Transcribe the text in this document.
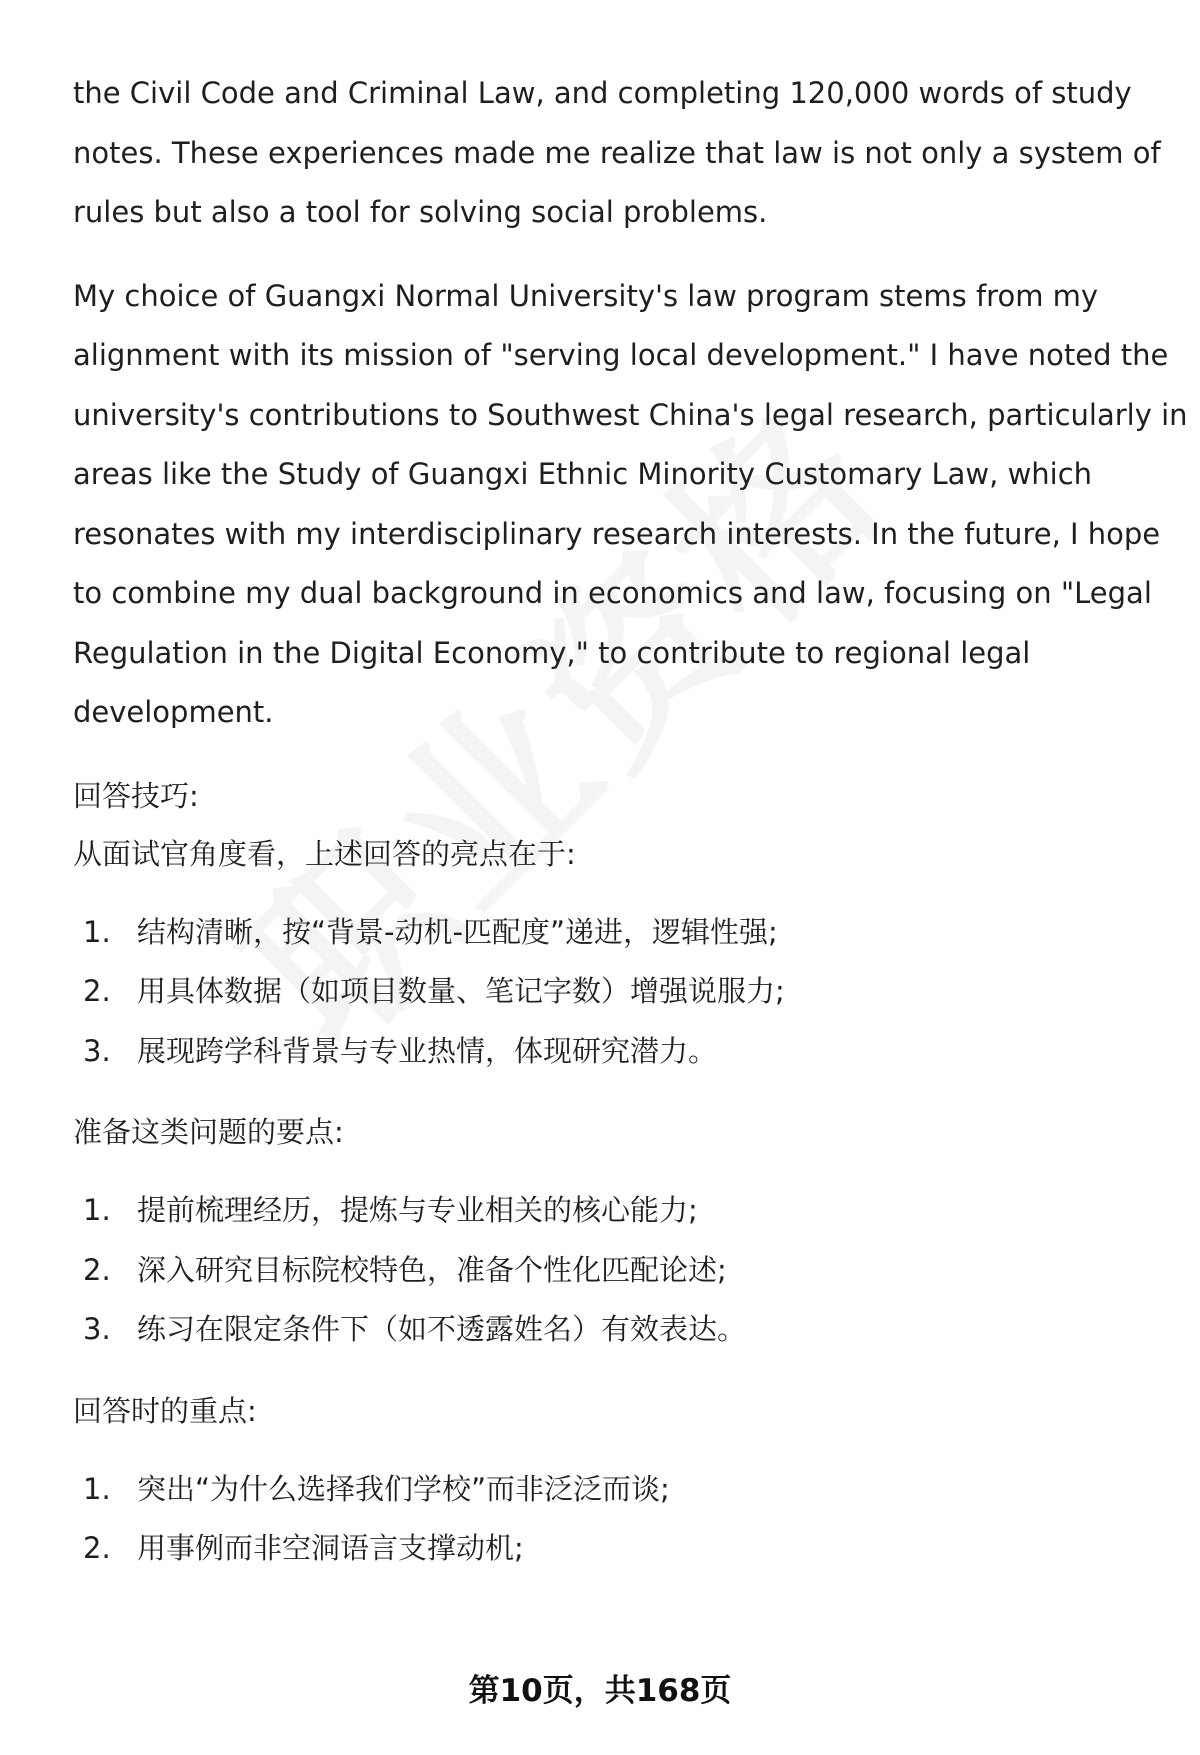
the Civil Code and Criminal Law, and completing 120,000 words of study
notes. These experiences made me realize that law is not only a system of
rules but also a tool for solving social problems.

My choice of Guangxi Normal University's law program stems from my
alignment with its mission of "serving local development." I have noted the
university's contributions to Southwest China's legal research, particularly in
areas like the Study of Guangxi Ethnic Minority Customary Law, which
resonates with my interdisciplinary research interests. In the future, I hope
to combine my dual background in economics and law, focusing on "Legal
Regulation in the Digital Economy," to contribute to regional legal
development.

回答技巧:

从面试官角度看，上述回答的亮点在于:

1. 结构清晰，按“背景-动机-匹配度”递进，逻辑性强;
2. 用具体数据（如项目数量、笔记字数）增强说服力;
3. 展现跨学科背景与专业热情，体现研究潜力。

准备这类问题的要点:

1. 提前梳理经历，提炼与专业相关的核心能力;
2. 深入研究目标院校特色，准备个性化匹配论述;
3. 练习在限定条件下（如不透露姓名）有效表达。

回答时的重点:

1. 突出“为什么选择我们学校”而非泛泛而谈;
2. 用事例而非空洞语言支撑动机;
第10页，共168页
